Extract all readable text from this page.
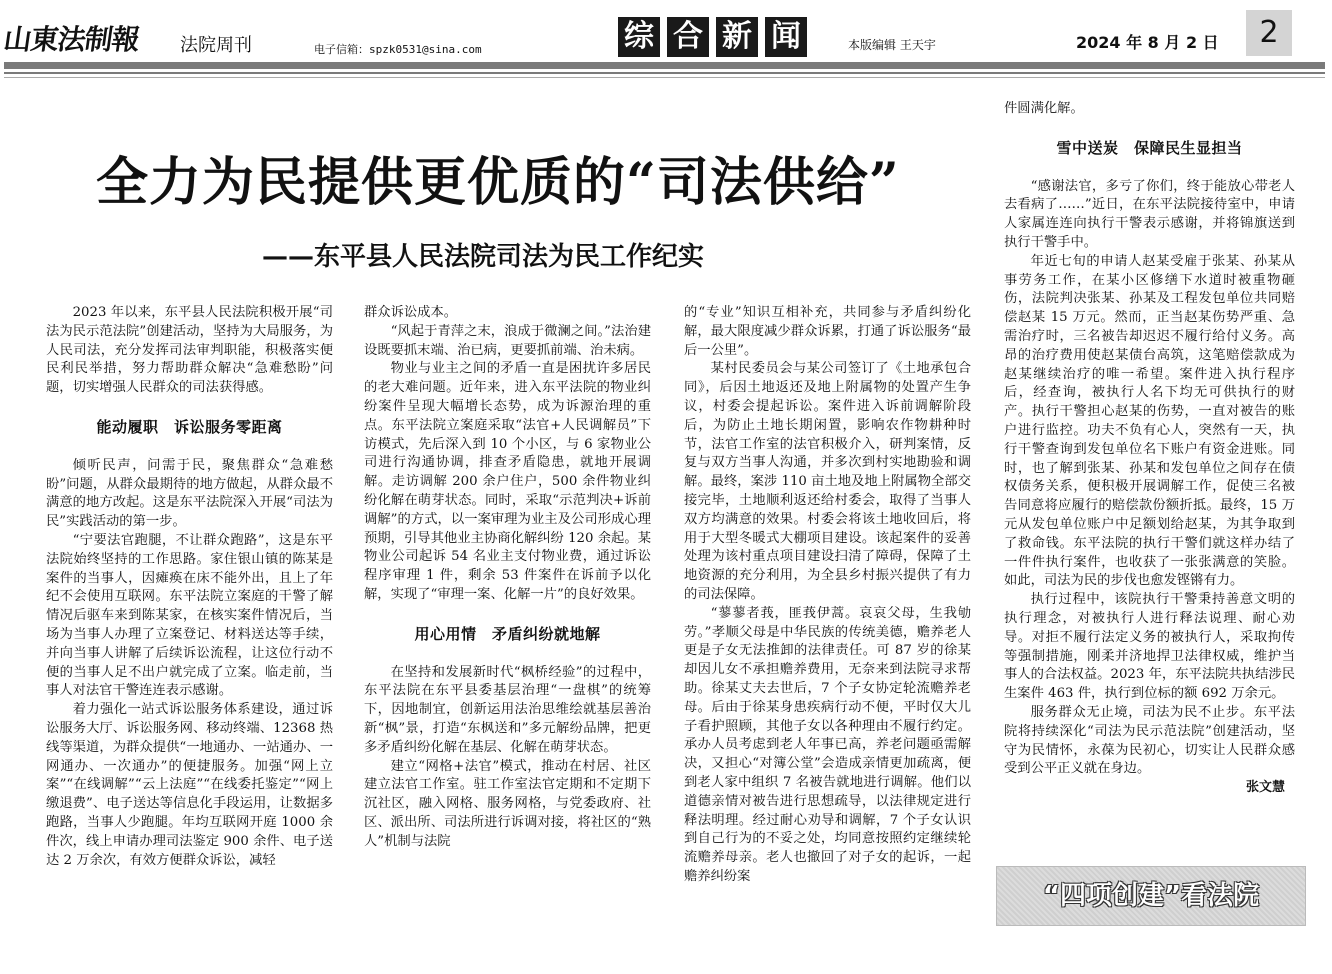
山東法制報 法院周刊	电子信箱：spzk0531@sina.com	综 合 新 闻	本版编辑 王天宇	2024 年 8 月 2 日	2
全力为民提供更优质的“司法供给”
——东平县人民法院司法为民工作纪实

2023 年以来，东平县人民法院积极开展“司法为民示范法院”创建活动，坚持为大局服务，为人民司法，充分发挥司法审判职能，积极落实便民利民举措，努力帮助群众解决“急难愁盼”问题，切实增强人民群众的司法获得感。

能动履职　诉讼服务零距离

倾听民声，问需于民，聚焦群众“急难愁盼”问题，从群众最期待的地方做起，从群众最不满意的地方改起。这是东平法院深入开展“司法为民”实践活动的第一步。

“宁要法官跑腿，不让群众跑路”，这是东平法院始终坚持的工作思路。家住银山镇的陈某是案件的当事人，因瘫痪在床不能外出，且上了年纪不会使用互联网。东平法院立案庭的干警了解情况后驱车来到陈某家，在核实案件情况后，当场为当事人办理了立案登记、材料送达等手续，并向当事人讲解了后续诉讼流程，让这位行动不便的当事人足不出户就完成了立案。临走前，当事人对法官干警连连表示感谢。

着力强化一站式诉讼服务体系建设，通过诉讼服务大厅、诉讼服务网、移动终端、12368 热线等渠道，为群众提供“一地通办、一站通办、一网通办、一次通办”的便捷服务。加强“网上立案”“在线调解”“云上法庭”“在线委托鉴定”“网上缴退费”、电子送达等信息化手段运用，让数据多跑路，当事人少跑腿。年均互联网开庭 1000 余件次，线上申请办理司法鉴定 900 余件、电子送达 2 万余次，有效方便群众诉讼，减轻

群众诉讼成本。

“风起于青萍之末，浪成于微澜之间。”法治建设既要抓末端、治已病，更要抓前端、治未病。

物业与业主之间的矛盾一直是困扰许多居民的老大难问题。近年来，进入东平法院的物业纠纷案件呈现大幅增长态势，成为诉源治理的重点。东平法院立案庭采取“法官+人民调解员”下访模式，先后深入到 10 个小区，与 6 家物业公司进行沟通协调，排查矛盾隐患，就地开展调解。走访调解 200 余户住户，500 余件物业纠纷化解在萌芽状态。同时，采取“示范判决+诉前调解”的方式，以一案审理为业主及公司形成心理预期，引导其他业主协商化解纠纷 120 余起。某物业公司起诉 54 名业主支付物业费，通过诉讼程序审理 1 件，剩余 53 件案件在诉前予以化解，实现了“审理一案、化解一片”的良好效果。

用心用情　矛盾纠纷就地解

在坚持和发展新时代“枫桥经验”的过程中，东平法院在东平县委基层治理“一盘棋”的统筹下，因地制宜，创新运用法治思维绘就基层善治新“枫”景，打造“东枫送和”多元解纷品牌，把更多矛盾纠纷化解在基层、化解在萌芽状态。

建立“网格+法官”模式，推动在村居、社区建立法官工作室。驻工作室法官定期和不定期下沉社区，融入网格、服务网格，与党委政府、社区、派出所、司法所进行诉调对接，将社区的“熟人”机制与法院

的“专业”知识互相补充，共同参与矛盾纠纷化解，最大限度减少群众诉累，打通了诉讼服务“最后一公里”。

某村民委员会与某公司签订了《土地承包合同》，后因土地返还及地上附属物的处置产生争议，村委会提起诉讼。案件进入诉前调解阶段后，为防止土地长期闲置，影响农作物耕种时节，法官工作室的法官积极介入，研判案情，反复与双方当事人沟通，并多次到村实地勘验和调解。最终，案涉 110 亩土地及地上附属物全部交接完毕，土地顺利返还给村委会，取得了当事人双方均满意的效果。村委会将该土地收回后，将用于大型冬暖式大棚项目建设。该起案件的妥善处理为该村重点项目建设扫清了障碍，保障了土地资源的充分利用，为全县乡村振兴提供了有力的司法保障。

“蓼蓼者莪，匪莪伊蒿。哀哀父母，生我劬劳。”孝顺父母是中华民族的传统美德，赡养老人更是子女无法推卸的法律责任。可 87 岁的徐某却因儿女不承担赡养费用，无奈来到法院寻求帮助。徐某丈夫去世后，7 个子女协定轮流赡养老母。后由于徐某身患疾病行动不便，平时仅大儿子看护照顾，其他子女以各种理由不履行约定。承办人员考虑到老人年事已高，养老问题亟需解决，又担心“对簿公堂”会造成亲情更加疏离，便到老人家中组织 7 名被告就地进行调解。他们以道德亲情对被告进行思想疏导，以法律规定进行释法明理。经过耐心劝导和调解，7 个子女认识到自己行为的不妥之处，均同意按照约定继续轮流赡养母亲。老人也撤回了对子女的起诉，一起赡养纠纷案

件圆满化解。

雪中送炭　保障民生显担当

“感谢法官，多亏了你们，终于能放心带老人去看病了……”近日，在东平法院接待室中，申请人家属连连向执行干警表示感谢，并将锦旗送到执行干警手中。

年近七旬的申请人赵某受雇于张某、孙某从事劳务工作，在某小区修缮下水道时被重物砸伤，法院判决张某、孙某及工程发包单位共同赔偿赵某 15 万元。然而，正当赵某伤势严重、急需治疗时，三名被告却迟迟不履行给付义务。高昂的治疗费用使赵某债台高筑，这笔赔偿款成为赵某继续治疗的唯一希望。案件进入执行程序后，经查询，被执行人名下均无可供执行的财产。执行干警担心赵某的伤势，一直对被告的账户进行监控。功夫不负有心人，突然有一天，执行干警查询到发包单位名下账户有资金进账。同时，也了解到张某、孙某和发包单位之间存在债权债务关系，便积极开展调解工作，促使三名被告同意将应履行的赔偿款份额折抵。最终，15 万元从发包单位账户中足额划给赵某，为其争取到了救命钱。东平法院的执行干警们就这样办结了一件件执行案件，也收获了一张张满意的笑脸。如此，司法为民的步伐也愈发铿锵有力。

执行过程中，该院执行干警秉持善意文明的执行理念，对被执行人进行释法说理、耐心劝导。对拒不履行法定义务的被执行人，采取拘传等强制措施，刚柔并济地捍卫法律权威，维护当事人的合法权益。2023 年，东平法院共执结涉民生案件 463 件，执行到位标的额 692 万余元。

服务群众无止境，司法为民不止步。东平法院将持续深化“司法为民示范法院”创建活动，坚守为民情怀，永葆为民初心，切实让人民群众感受到公平正义就在身边。

张文慧
“四项创建”看法院
